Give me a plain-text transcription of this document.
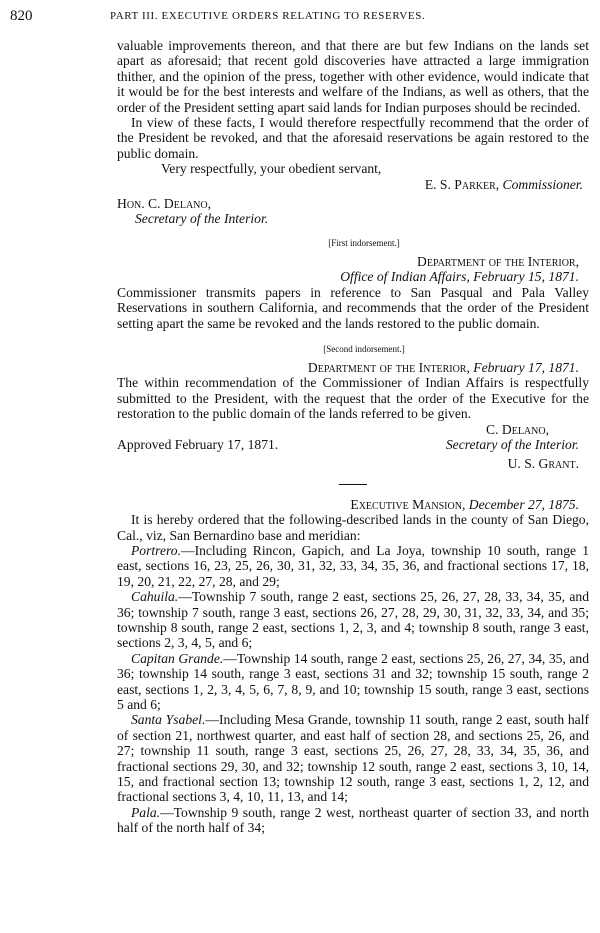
820	PART III. EXECUTIVE ORDERS RELATING TO RESERVES.

valuable improvements thereon, and that there are but few Indians on the lands set apart as aforesaid; that recent gold discoveries have attracted a large immigration thither, and the opinion of the press, together with other evidence, would indicate that it would be for the best interests and welfare of the Indians, as well as others, that the order of the President setting apart said lands for Indian purposes should be recinded.

In view of these facts, I would therefore respectfully recommend that the order of the President be revoked, and that the aforesaid reservations be again restored to the public domain.

Very respectfully, your obedient servant,

E. S. Parker, Commissioner.

Hon. C. Delano,

Secretary of the Interior.

[First indorsement.]

Department of the Interior,

Office of Indian Affairs, February 15, 1871.

Commissioner transmits papers in reference to San Pasqual and Pala Valley Reservations in southern California, and recommends that the order of the President setting apart the same be revoked and the lands restored to the public domain.

[Second indorsement.]

Department of the Interior, February 17, 1871.

The within recommendation of the Commissioner of Indian Affairs is respectfully submitted to the President, with the request that the order of the Executive for the restoration to the public domain of the lands referred to be given.

C. Delano,

Approved February 17, 1871.	Secretary of the Interior.

U. S. Grant.

Executive Mansion, December 27, 1875.

It is hereby ordered that the following-described lands in the county of San Diego, Cal., viz, San Bernardino base and meridian:

Portrero.—Including Rincon, Gapich, and La Joya, township 10 south, range 1 east, sections 16, 23, 25, 26, 30, 31, 32, 33, 34, 35, 36, and fractional sections 17, 18, 19, 20, 21, 22, 27, 28, and 29;

Cahuila.—Township 7 south, range 2 east, sections 25, 26, 27, 28, 33, 34, 35, and 36; township 7 south, range 3 east, sections 26, 27, 28, 29, 30, 31, 32, 33, 34, and 35; township 8 south, range 2 east, sections 1, 2, 3, and 4; township 8 south, range 3 east, sections 2, 3, 4, 5, and 6;

Capitan Grande.—Township 14 south, range 2 east, sections 25, 26, 27, 34, 35, and 36; township 14 south, range 3 east, sections 31 and 32; township 15 south, range 2 east, sections 1, 2, 3, 4, 5, 6, 7, 8, 9, and 10; township 15 south, range 3 east, sections 5 and 6;

Santa Ysabel.—Including Mesa Grande, township 11 south, range 2 east, south half of section 21, northwest quarter, and east half of section 28, and sections 25, 26, and 27; township 11 south, range 3 east, sections 25, 26, 27, 28, 33, 34, 35, 36, and fractional sections 29, 30, and 32; township 12 south, range 2 east, sections 3, 10, 14, 15, and fractional section 13; township 12 south, range 3 east, sections 1, 2, 12, and fractional sections 3, 4, 10, 11, 13, and 14;

Pala.—Township 9 south, range 2 west, northeast quarter of section 33, and north half of the north half of 34;
